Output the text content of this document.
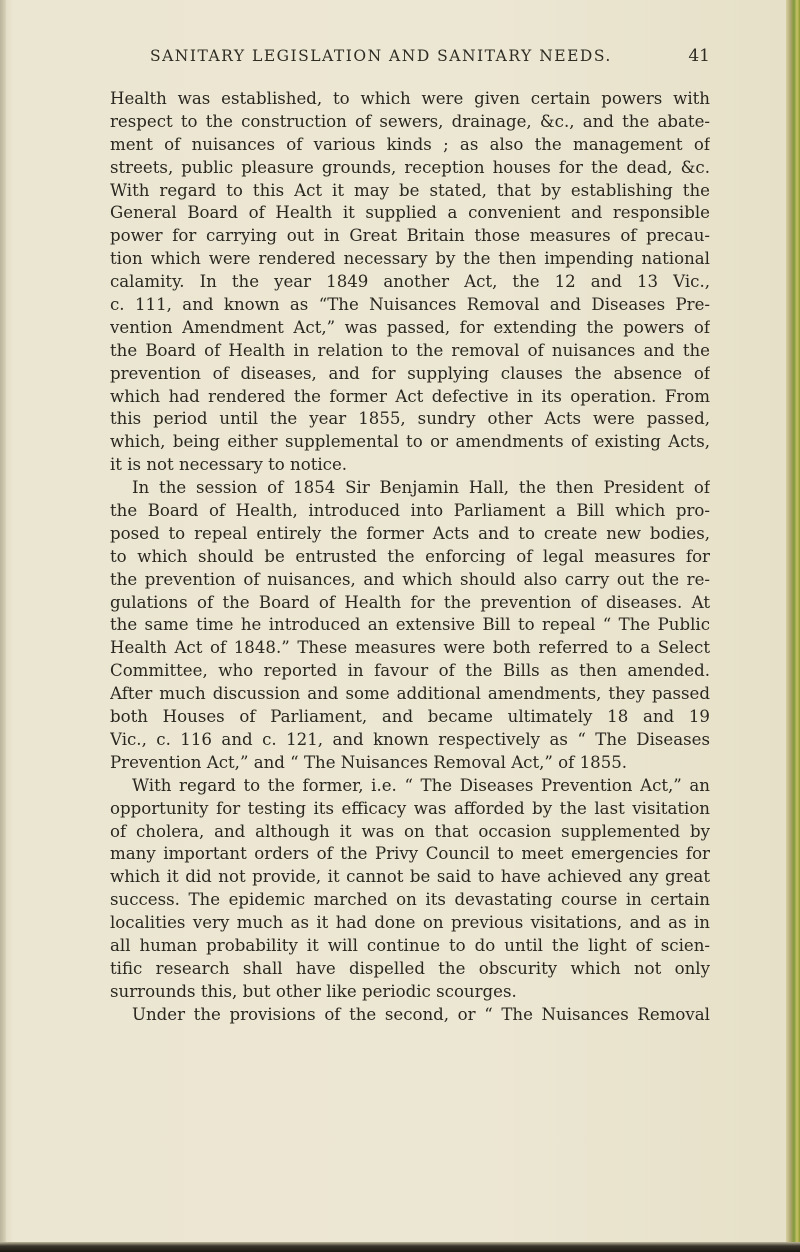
SANITARY LEGISLATION AND SANITARY NEEDS.	41
Health was established, to which were given certain powers with
respect to the construction of sewers, drainage, &c., and the abate-
ment of nuisances of various kinds ; as also the management of
streets, public pleasure grounds, reception houses for the dead, &c.
With regard to this Act it may be stated, that by establishing the
General Board of Health it supplied a convenient and responsible
power for carrying out in Great Britain those measures of precau-
tion which were rendered necessary by the then impending national
calamity. In the year 1849 another Act, the 12 and 13 Vic.,
c. 111, and known as “The Nuisances Removal and Diseases Pre-
vention Amendment Act,” was passed, for extending the powers of
the Board of Health in relation to the removal of nuisances and the
prevention of diseases, and for supplying clauses the absence of
which had rendered the former Act defective in its operation. From
this period until the year 1855, sundry other Acts were passed,
which, being either supplemental to or amendments of existing Acts,
it is not necessary to notice.
In the session of 1854 Sir Benjamin Hall, the then President of
the Board of Health, introduced into Parliament a Bill which pro-
posed to repeal entirely the former Acts and to create new bodies,
to which should be entrusted the enforcing of legal measures for
the prevention of nuisances, and which should also carry out the re-
gulations of the Board of Health for the prevention of diseases. At
the same time he introduced an extensive Bill to repeal “ The Public
Health Act of 1848.” These measures were both referred to a Select
Committee, who reported in favour of the Bills as then amended.
After much discussion and some additional amendments, they passed
both Houses of Parliament, and became ultimately 18 and 19
Vic., c. 116 and c. 121, and known respectively as “ The Diseases
Prevention Act,” and “ The Nuisances Removal Act,” of 1855.
With regard to the former, i.e. “ The Diseases Prevention Act,” an
opportunity for testing its efficacy was afforded by the last visitation
of cholera, and although it was on that occasion supplemented by
many important orders of the Privy Council to meet emergencies for
which it did not provide, it cannot be said to have achieved any great
success. The epidemic marched on its devastating course in certain
localities very much as it had done on previous visitations, and as in
all human probability it will continue to do until the light of scien-
tific research shall have dispelled the obscurity which not only
surrounds this, but other like periodic scourges.
Under the provisions of the second, or “ The Nuisances Removal
